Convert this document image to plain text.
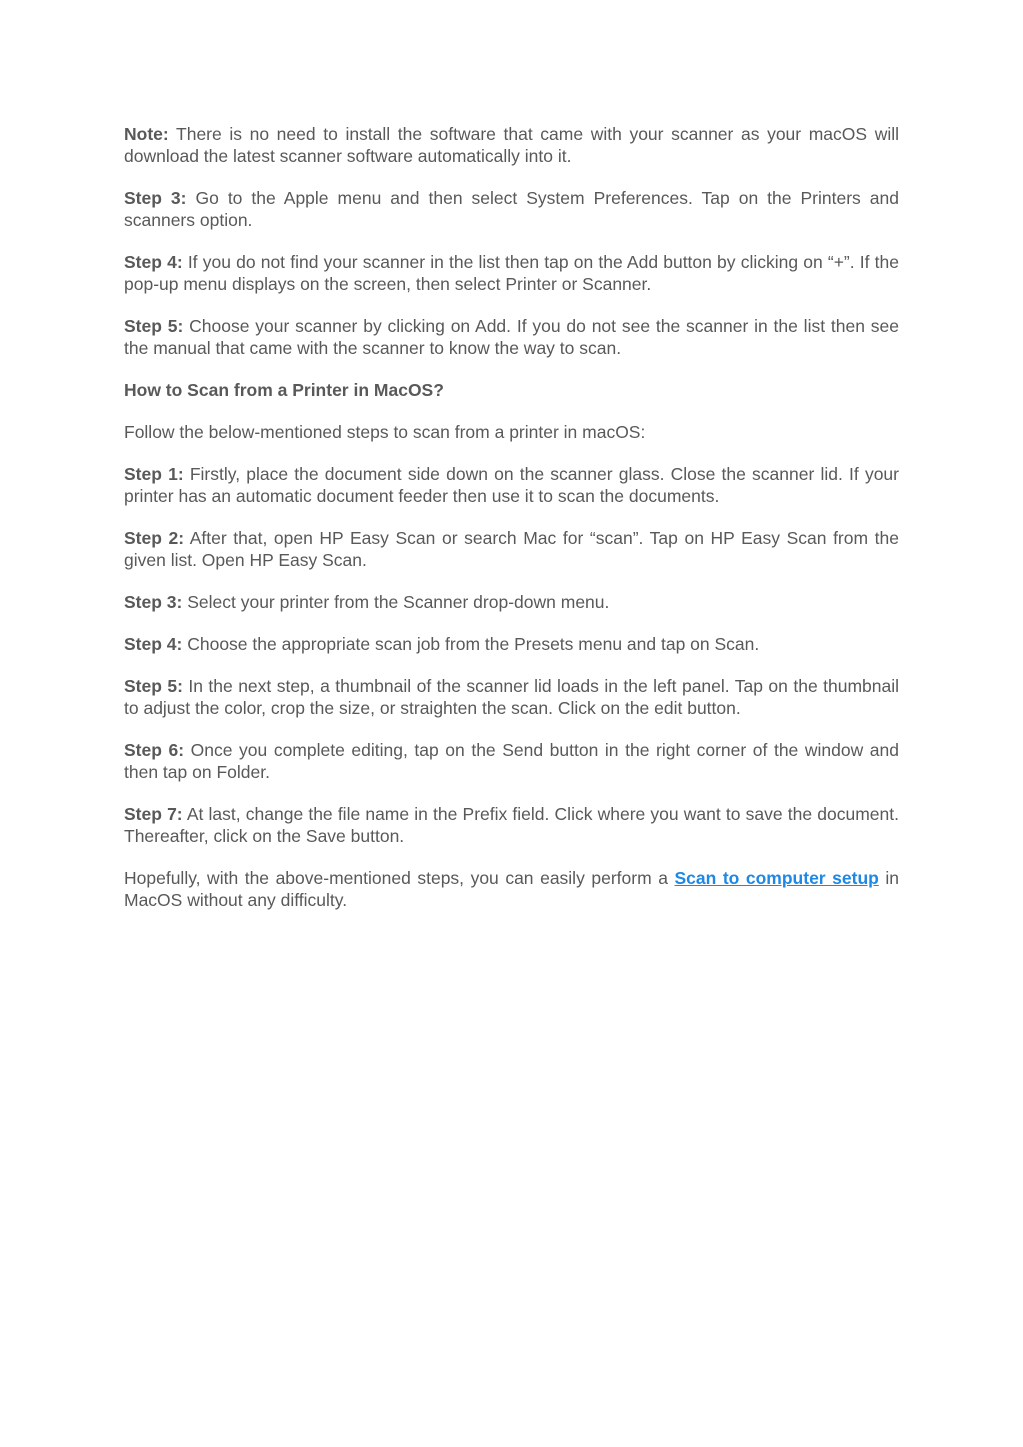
Note: There is no need to install the software that came with your scanner as your macOS will download the latest scanner software automatically into it.

Step 3: Go to the Apple menu and then select System Preferences. Tap on the Printers and scanners option.

Step 4: If you do not find your scanner in the list then tap on the Add button by clicking on “+”. If the pop-up menu displays on the screen, then select Printer or Scanner.

Step 5: Choose your scanner by clicking on Add. If you do not see the scanner in the list then see the manual that came with the scanner to know the way to scan.

How to Scan from a Printer in MacOS?

Follow the below-mentioned steps to scan from a printer in macOS:

Step 1: Firstly, place the document side down on the scanner glass. Close the scanner lid. If your printer has an automatic document feeder then use it to scan the documents.

Step 2: After that, open HP Easy Scan or search Mac for “scan”. Tap on HP Easy Scan from the given list. Open HP Easy Scan.

Step 3: Select your printer from the Scanner drop-down menu.

Step 4: Choose the appropriate scan job from the Presets menu and tap on Scan.

Step 5: In the next step, a thumbnail of the scanner lid loads in the left panel. Tap on the thumbnail to adjust the color, crop the size, or straighten the scan. Click on the edit button.

Step 6: Once you complete editing, tap on the Send button in the right corner of the window and then tap on Folder.

Step 7: At last, change the file name in the Prefix field. Click where you want to save the document. Thereafter, click on the Save button.

Hopefully, with the above-mentioned steps, you can easily perform a Scan to computer setup in MacOS without any difficulty.
